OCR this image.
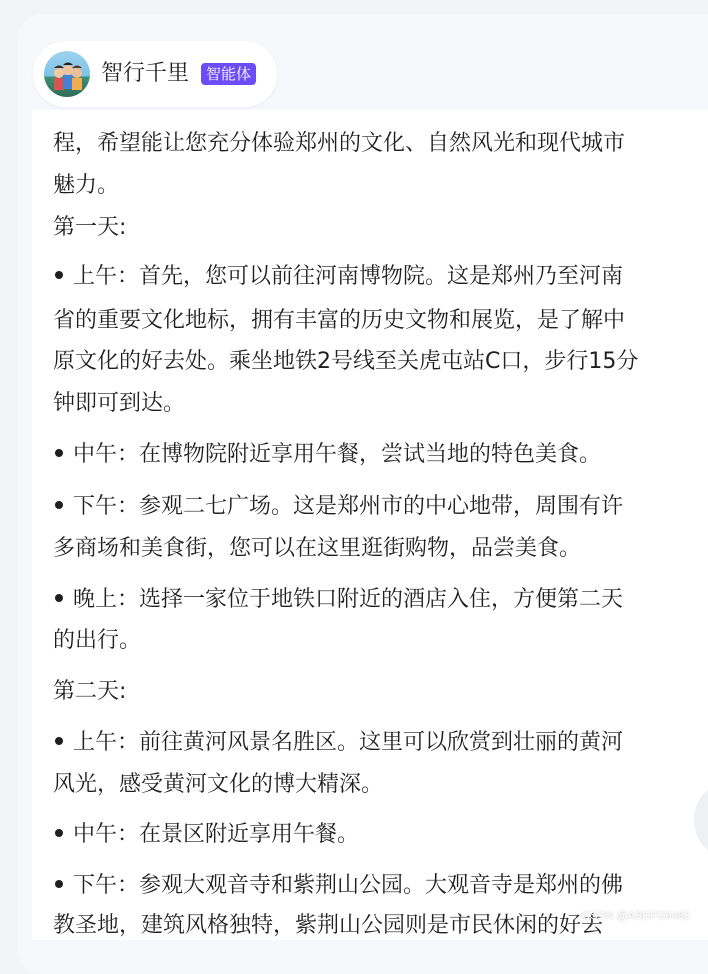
智行千里	智能体

程，希望能让您充分体验郑州的文化、自然风光和现代城市

魅力。

第一天:

上午：首先，您可以前往河南博物院。这是郑州乃至河南
省的重要文化地标，拥有丰富的历史文物和展览，是了解中
原文化的好去处。乘坐地铁2号线至关虎屯站C口，步行15分
钟即可到达。
中午：在博物院附近享用午餐，尝试当地的特色美食。
下午：参观二七广场。这是郑州市的中心地带，周围有许
多商场和美食街，您可以在这里逛街购物，品尝美食。
晚上：选择一家位于地铁口附近的酒店入住，方便第二天
的出行。

第二天:

上午：前往黄河风景名胜区。这里可以欣赏到壮丽的黄河
风光，感受黄河文化的博大精深。
中午：在景区附近享用午餐。
下午：参观大观音寺和紫荆山公园。大观音寺是郑州的佛
教圣地，建筑风格独特，紫荆山公园则是市民休闲的好去
CSDN @ASDFG6482
